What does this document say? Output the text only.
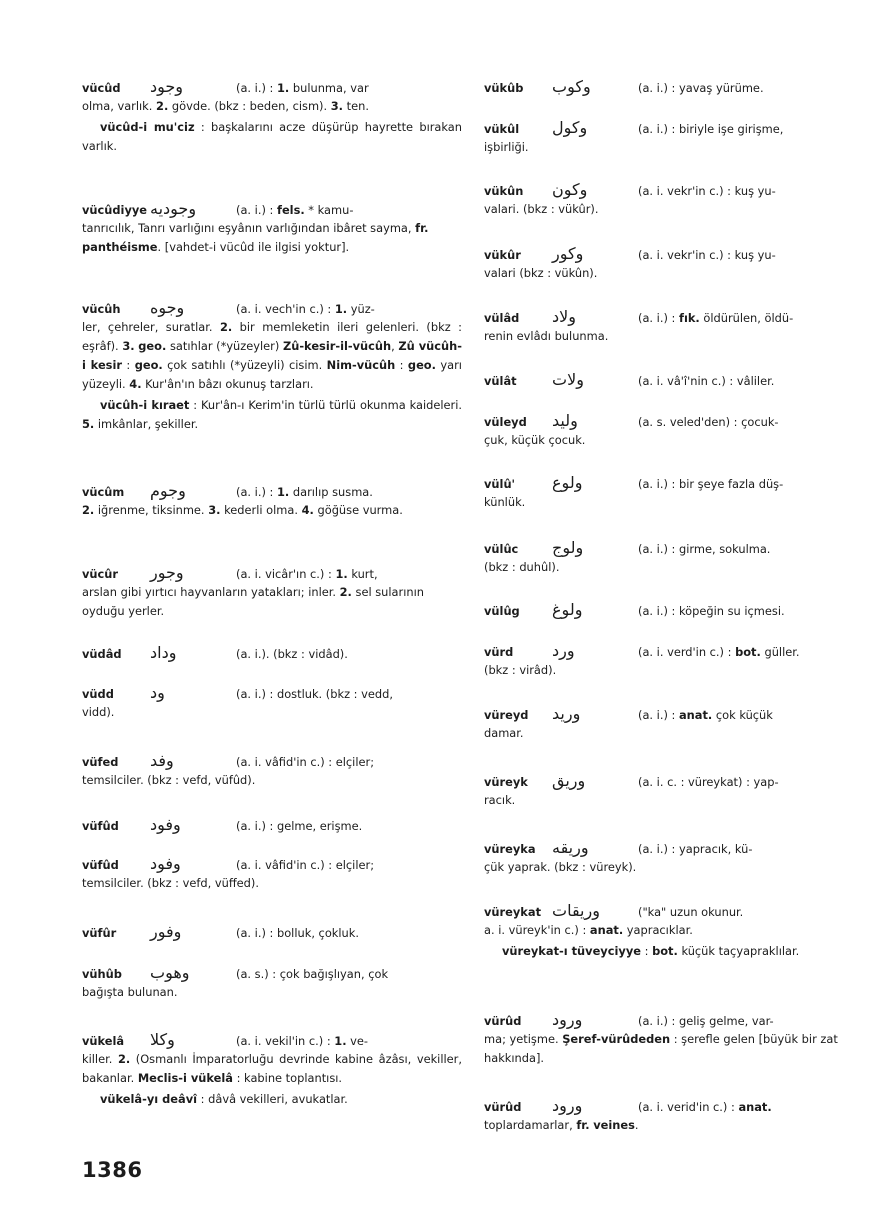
vücûd وجود	(a. i.) : 1. bulunma, var
olma, varlık. 2. gövde. (bkz : beden, cism). 3. ten.
vücûd-i mu'ciz : başkalarını acze düşürüp hayrette bırakan varlık.
vücûdiyye وجوديه	(a. i.) : fels. * kamu-
tanrıcılık, Tanrı varlığını eşyânın varlığından ibâret sayma, fr. panthéisme. [vahdet-i vücûd ile ilgisi yoktur].
vücûh وجوه	(a. i. vech'in c.) : 1. yüz-
ler, çehreler, suratlar. 2. bir memleketin ileri gelenleri. (bkz : eşrâf). 3. geo. satıhlar (*yüzeyler) Zû-kesir-il-vücûh, Zû vücûh-i kesir : geo. çok satıhlı (*yüzeyli) cisim. Nim-vücûh : geo. yarı yüzeyli. 4. Kur'ân'ın bâzı okunuş tarzları.
vücûh-i kıraet : Kur'ân-ı Kerim'in türlü türlü okunma kaideleri. 5. imkânlar, şekiller.
vücûm وجوم	(a. i.) : 1. darılıp susma.
2. iğrenme, tiksinme. 3. kederli olma. 4. göğüse vurma.
vücûr وجور	(a. i. vicâr'ın c.) : 1. kurt,
arslan gibi yırtıcı hayvanların yatakları; inler. 2. sel sularının oyduğu yerler.
vüdâd وداد	(a. i.). (bkz : vidâd).
vüdd ود	(a. i.) : dostluk. (bkz : vedd,
vidd).
vüfed وفد	(a. i. vâfid'in c.) : elçiler;
temsilciler. (bkz : vefd, vüfûd).
vüfûd وفود	(a. i.) : gelme, erişme.
vüfûd وفود	(a. i. vâfid'in c.) : elçiler;
temsilciler. (bkz : vefd, vüffed).
vüfûr وفور	(a. i.) : bolluk, çokluk.
vühûb وهوب	(a. s.) : çok bağışlıyan, çok
bağışta bulunan.
vükelâ وكلا	(a. i. vekil'in c.) : 1. ve-
killer. 2. (Osmanlı İmparatorluğu devrinde kabine âzâsı, vekiller, bakanlar. Meclis-i vükelâ : kabine toplantısı.
vükelâ-yı deâvî : dâvâ vekilleri, avukatlar.
vükûb وكوب	(a. i.) : yavaş yürüme.
vükûl وكول	(a. i.) : biriyle işe girişme,
işbirliği.
vükûn وكون	(a. i. vekr'in c.) : kuş yu-
valari. (bkz : vükûr).
vükûr وكور	(a. i. vekr'in c.) : kuş yu-
valari (bkz : vükûn).
vülâd ولاد	(a. i.) : fık. öldürülen, öldü-
renin evlâdı bulunma.
vülât ولات	(a. i. vâ'î'nin c.) : vâliler.
vüleyd وليد	(a. s. veled'den) : çocuk-
çuk, küçük çocuk.
vülû' ولوع	(a. i.) : bir şeye fazla düş-
künlük.
vülûc ولوج	(a. i.) : girme, sokulma.
(bkz : duhûl).
vülûg ولوغ	(a. i.) : köpeğin su içmesi.
vürd ورد	(a. i. verd'in c.) : bot. güller.
(bkz : virâd).
vüreyd وريد	(a. i.) : anat. çok küçük
damar.
vüreyk وريق	(a. i. c. : vüreykat) : yap-
racık.
vüreyka وريقه	(a. i.) : yapracık, kü-
çük yaprak. (bkz : vüreyk).
vüreykat وريقات	("ka" uzun okunur.
a. i. vüreyk'in c.) : anat. yapracıklar.
vüreykat-ı tüveyciyye : bot. küçük taçyapraklılar.
vürûd ورود	(a. i.) : geliş gelme, var-
ma; yetişme. Şeref-vürûdeden : şerefle gelen [büyük bir zat hakkında].
vürûd ورود	(a. i. verid'in c.) : anat.
toplardamarlar, fr. veines.
1386
